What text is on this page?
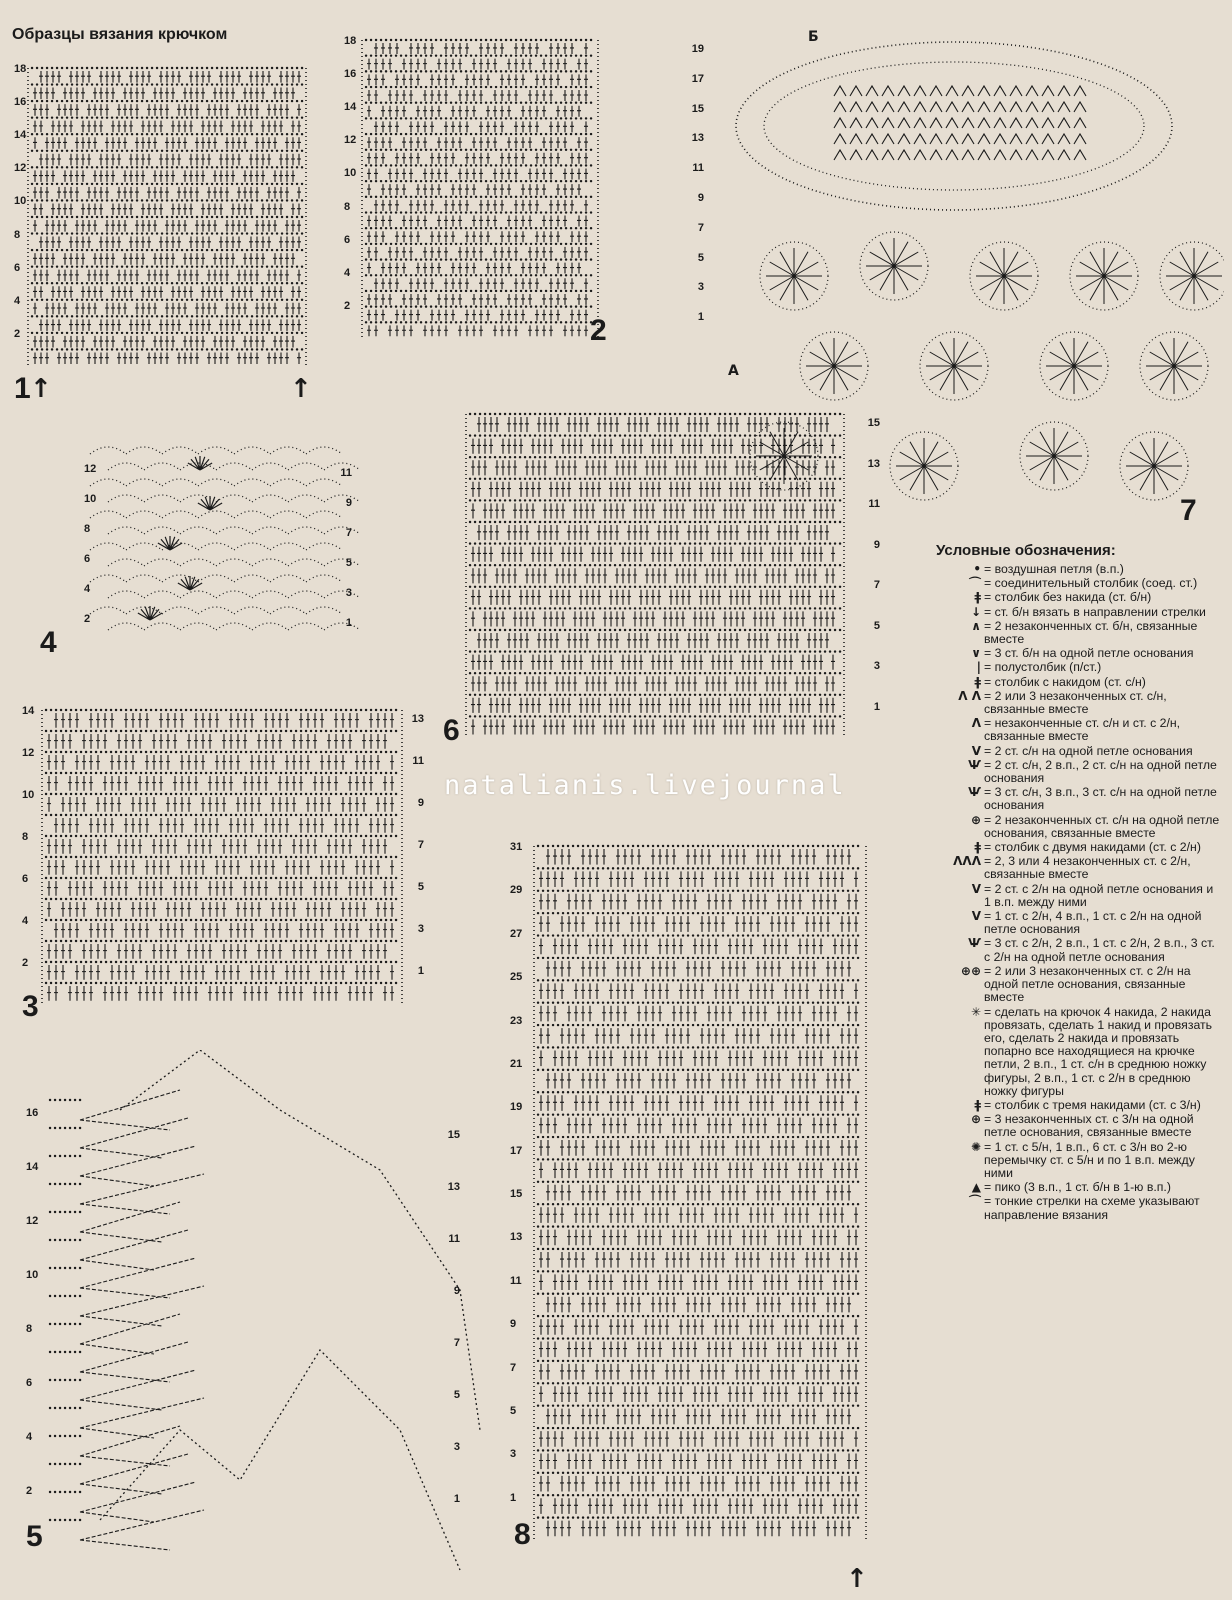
Образцы вязания крючком
18
16
14
12
10
8
6
4
2
1 ↑	↑
18
16
14
12
10
8
6
4
2
19
17
15
13
11
9
7
5
3
1
2
7
А
Б
12
10
8
6
4
2
11
9
7
5
3
1
4
15
13
11
9
7
5
3
1
6
14
12
10
8
6
4
2
13
11
9
7
5
3
1
3
16
14
12
10
8
6
4
2
15
13
11
9
7
5
3
1
5
31
29
27
25
23
21
19
17
15
13
11
9
7
5
3
1
8
↑
natalianis.livejournal
Условные обозначения:
•	= воздушная петля (в.п.)
⌒	= соединительный столбик (соед. ст.)
ǂ	= столбик без накида (ст. б/н)
↓	= ст. б/н вязать в направлении стрелки
∧	= 2 незаконченных ст. б/н, связанные вместе
∨	= 3 ст. б/н на одной петле основания
|	= полустолбик (п/ст.)
ǂ	= столбик с накидом (ст. с/н)
Λ Λ	= 2 или 3 незаконченных ст. с/н, связанные вместе
Λ	= незаконченные ст. с/н и ст. с 2/н, связанные вместе
V	= 2 ст. с/н на одной петле основания
Ѱ	= 2 ст. с/н, 2 в.п., 2 ст. с/н на одной петле основания
Ѱ	= 3 ст. с/н, 3 в.п., 3 ст. с/н на одной петле основания
⊕	= 2 незаконченных ст. с/н на одной петле основания, связанные вместе
ǂ	= столбик с двумя накидами (ст. с 2/н)
ΛΛΛ	= 2, 3 или 4 незаконченных ст. с 2/н, связанные вместе
V	= 2 ст. с 2/н на одной петле основания и 1 в.п. между ними
V	= 1 ст. с 2/н, 4 в.п., 1 ст. с 2/н на одной петле основания
Ѱ	= 3 ст. с 2/н, 2 в.п., 1 ст. с 2/н, 2 в.п., 3 ст. с 2/н на одной петле основания
⊕⊕	= 2 или 3 незаконченных ст. с 2/н на одной петле основания, связанные вместе
✳	= сделать на крючок 4 накида, 2 накида провязать, сделать 1 накид и провязать его, сделать 2 накида и провязать попарно все находящиеся на крючке петли, 2 в.п., 1 ст. с/н в среднюю ножку фигуры, 2 в.п., 1 ст. с 2/н в среднюю ножку фигуры
ǂ	= столбик с тремя накидами (ст. с 3/н)
⊕	= 3 незаконченных ст. с 3/н на одной петле основания, связанные вместе
✺	= 1 ст. с 5/н, 1 в.п., 6 ст. с 3/н во 2-ю перемычку ст. с 5/н и по 1 в.п. между ними
▲	= пико (3 в.п., 1 ст. б/н в 1-ю в.п.)
⌒	= тонкие стрелки на схеме указывают направление вязания
